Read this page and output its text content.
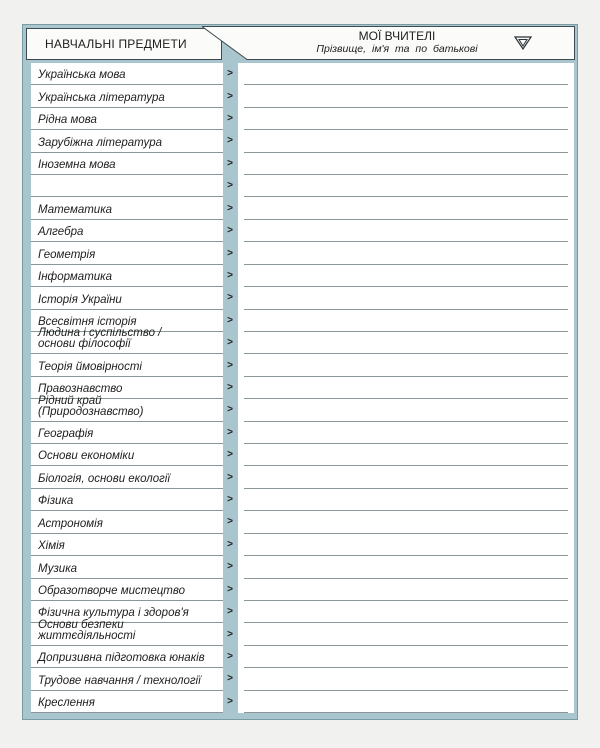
НАВЧАЛЬНІ ПРЕДМЕТИ
МОЇ ВЧИТЕЛІ
Прізвище, ім'я та по батькові
Українська мова
Українська література
Рідна мова
Зарубіжна література
Іноземна мова
Математика
Алгебра
Геометрія
Інформатика
Історія України
Всесвітня історія
Людина і суспільство /
основи філософії
Теорія ймовірності
Правознавство
Рідний край
(Природознавство)
Географія
Основи економіки
Біологія, основи екології
Фізика
Астрономія
Хімія
Музика
Образотворче мистецтво
Фізична культура і здоров'я
Основи безпеки життєдіяльності
Допризивна підготовка юнаків
Трудове навчання / технології
Креслення
>
>
>
>
>
>
>
>
>
>
>
>
>
>
>
>
>
>
>
>
>
>
>
>
>
>
>
>
>
